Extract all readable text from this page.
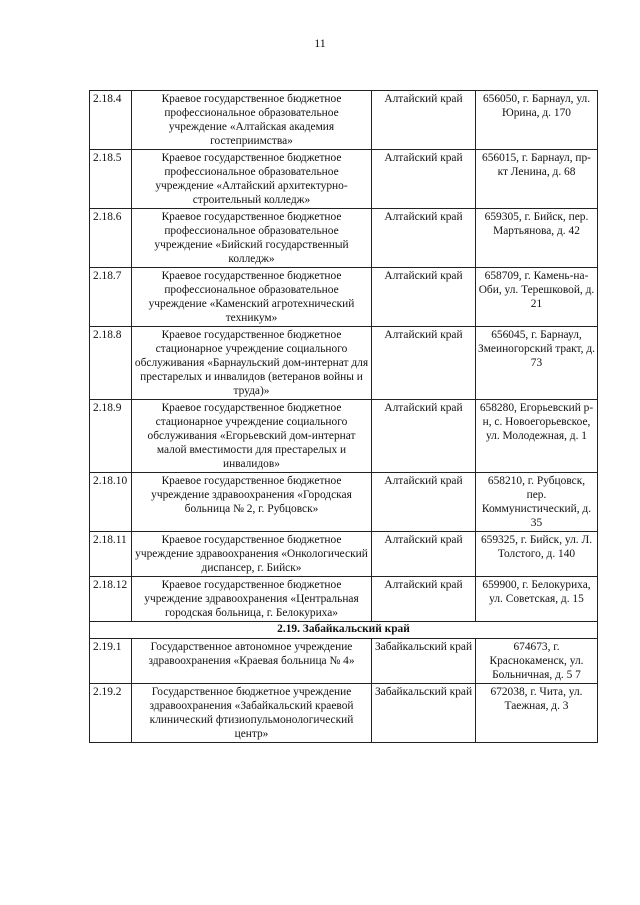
11
2.18.4	Краевое государственное бюджетное профессиональное образовательное учреждение «Алтайская академия гостеприимства»	Алтайский край	656050, г. Барнаул, ул. Юрина, д. 170
2.18.5	Краевое государственное бюджетное профессиональное образовательное учреждение «Алтайский архитектурно-строительный колледж»	Алтайский край	656015, г. Барнаул, пр-кт Ленина, д. 68
2.18.6	Краевое государственное бюджетное профессиональное образовательное учреждение «Бийский государственный колледж»	Алтайский край	659305, г. Бийск, пер. Мартьянова, д. 42
2.18.7	Краевое государственное бюджетное профессиональное образовательное учреждение «Каменский агротехнический техникум»	Алтайский край	658709, г. Камень-на-Оби, ул. Терешковой, д. 21
2.18.8	Краевое государственное бюджетное стационарное учреждение социального обслуживания «Барнаульский дом-интернат для престарелых и инвалидов (ветеранов войны и труда)»	Алтайский край	656045, г. Барнаул, Змеиногорский тракт, д. 73
2.18.9	Краевое государственное бюджетное стационарное учреждение социального обслуживания «Егорьевский дом-интернат малой вместимости для престарелых и инвалидов»	Алтайский край	658280, Егорьевский р-н, с. Новоегорьевское, ул. Молодежная, д. 1
2.18.10	Краевое государственное бюджетное учреждение здравоохранения «Городская больница № 2, г. Рубцовск»	Алтайский край	658210, г. Рубцовск, пер. Коммунистический, д. 35
2.18.11	Краевое государственное бюджетное учреждение здравоохранения «Онкологический диспансер, г. Бийск»	Алтайский край	659325, г. Бийск, ул. Л. Толстого, д. 140
2.18.12	Краевое государственное бюджетное учреждение здравоохранения «Центральная городская больница, г. Белокуриха»	Алтайский край	659900, г. Белокуриха, ул. Советская, д. 15
2.19. Забайкальский край			
2.19.1	Государственное автономное учреждение здравоохранения «Краевая больница № 4»	Забайкальский край	674673, г. Краснокаменск, ул. Больничная, д. 5 7
2.19.2	Государственное бюджетное учреждение здравоохранения «Забайкальский краевой клинический фтизиопульмонологический центр»	Забайкальский край	672038, г. Чита, ул. Таежная, д. 3
